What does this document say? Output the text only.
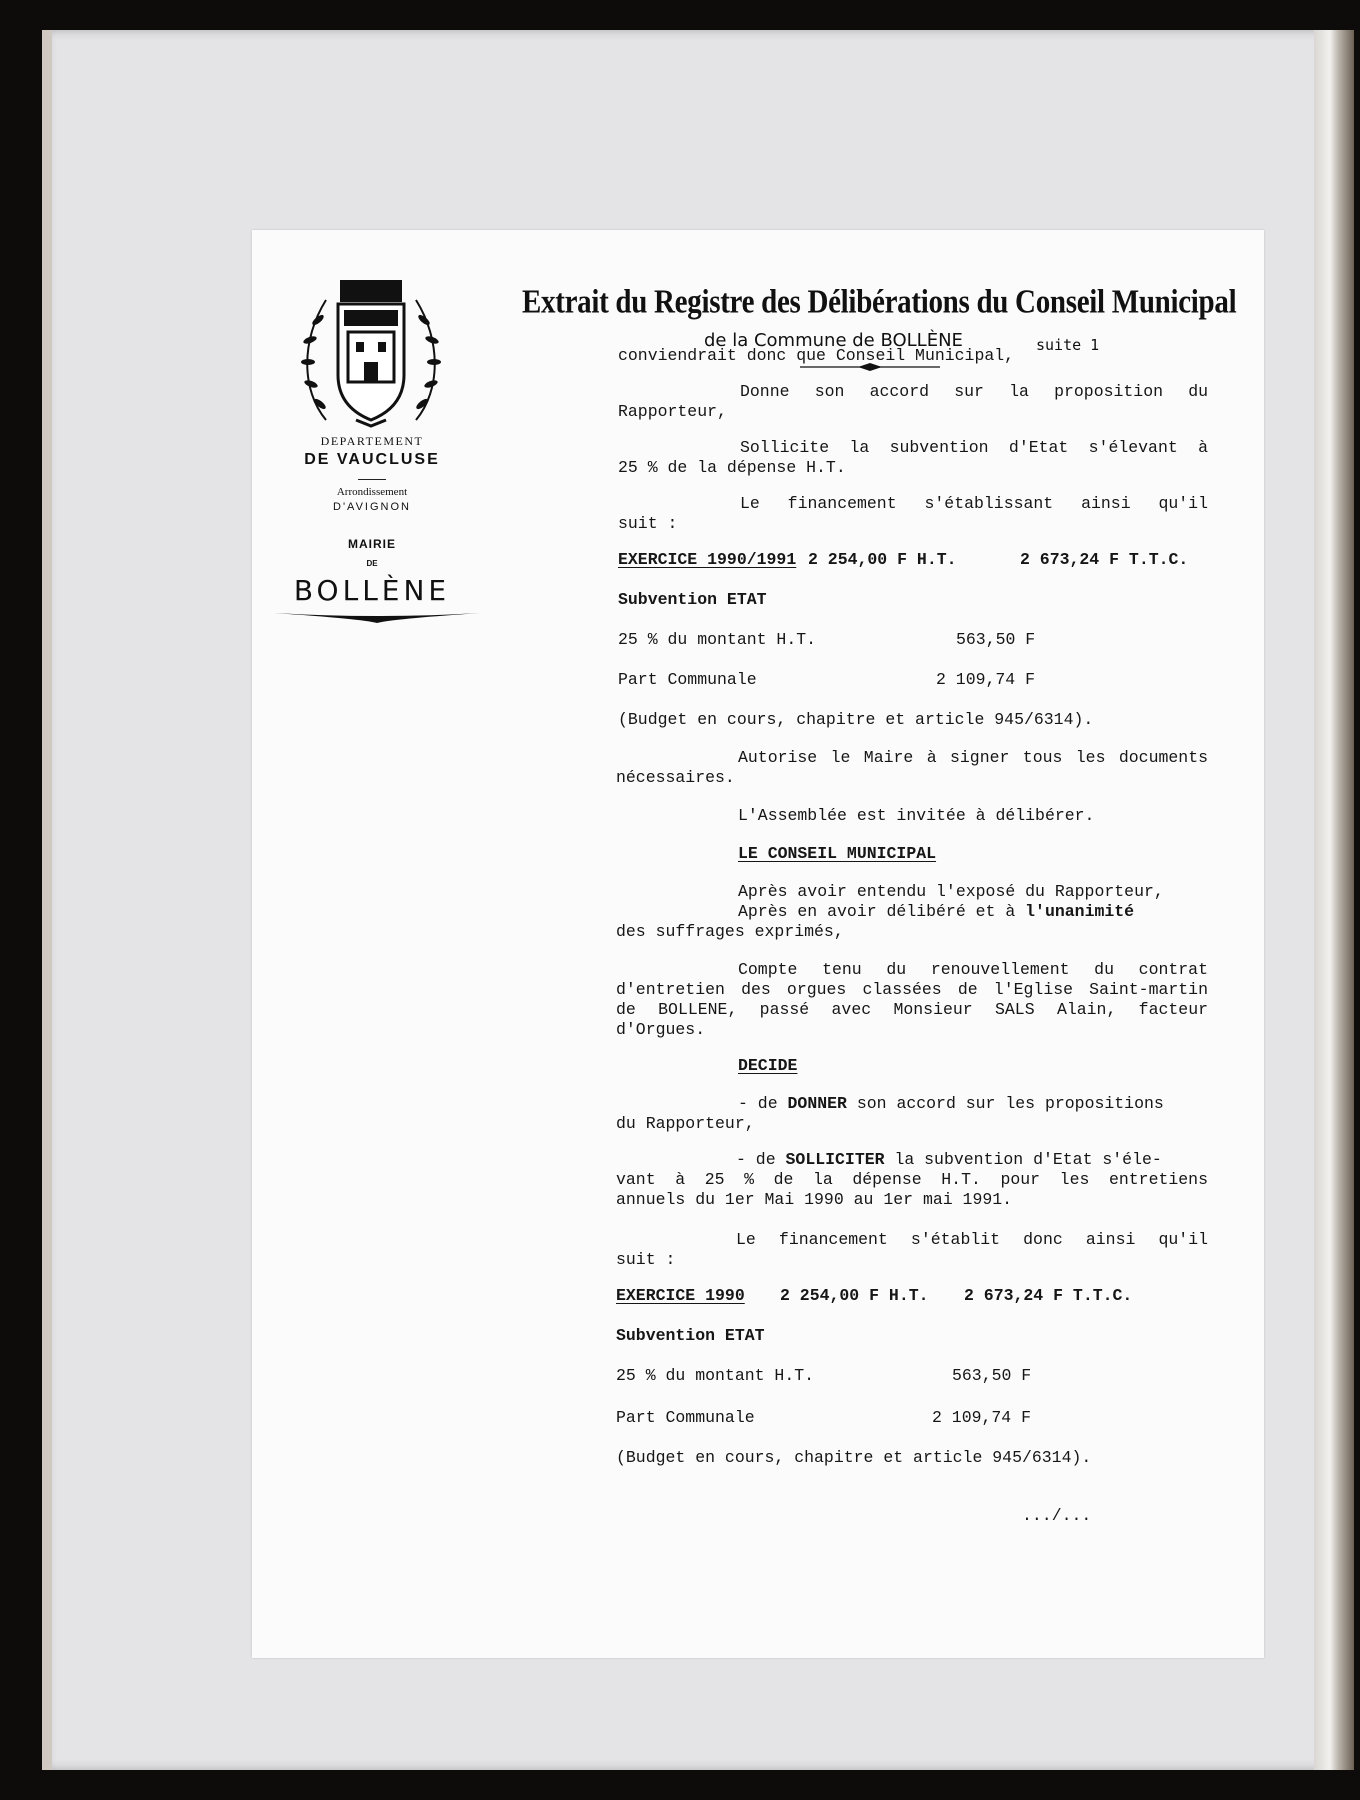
DEPARTEMENT
DE VAUCLUSE
Arrondissement
D'AVIGNON
MAIRIE
DE
BOLLÈNE
Extrait du Registre des Délibérations du Conseil Municipal
de la Commune de BOLLÈNE	suite 1
conviendrait donc que Conseil Municipal,
Donne son accord sur la proposition du
Rapporteur,
Sollicite la subvention d'Etat s'élevant à
25 % de la dépense H.T.
Le financement s'établissant ainsi qu'il
suit :
EXERCICE 1990/1991 2 254,00 F H.T.	2 673,24 F T.T.C.
Subvention ETAT
25 % du montant H.T.	563,50 F
Part Communale	2 109,74 F
(Budget en cours, chapitre et article 945/6314).
Autorise le Maire à signer tous les documents
nécessaires.
L'Assemblée est invitée à délibérer.
LE CONSEIL MUNICIPAL
Après avoir entendu l'exposé du Rapporteur,
Après en avoir délibéré et à l'unanimité
des suffrages exprimés,
Compte tenu du renouvellement du contrat
d'entretien des orgues classées de l'Eglise Saint-martin
de BOLLENE, passé avec Monsieur SALS Alain, facteur
d'Orgues.
DECIDE
- de DONNER son accord sur les propositions
du Rapporteur,
- de SOLLICITER la subvention d'Etat s'éle-
vant à 25 % de la dépense H.T. pour les entretiens
annuels du 1er Mai 1990 au 1er mai 1991.
Le financement s'établit donc ainsi qu'il
suit :
EXERCICE 1990 2 254,00 F H.T. 2 673,24 F T.T.C.
Subvention ETAT
25 % du montant H.T.	563,50 F
Part Communale	2 109,74 F
(Budget en cours, chapitre et article 945/6314).
.../...
